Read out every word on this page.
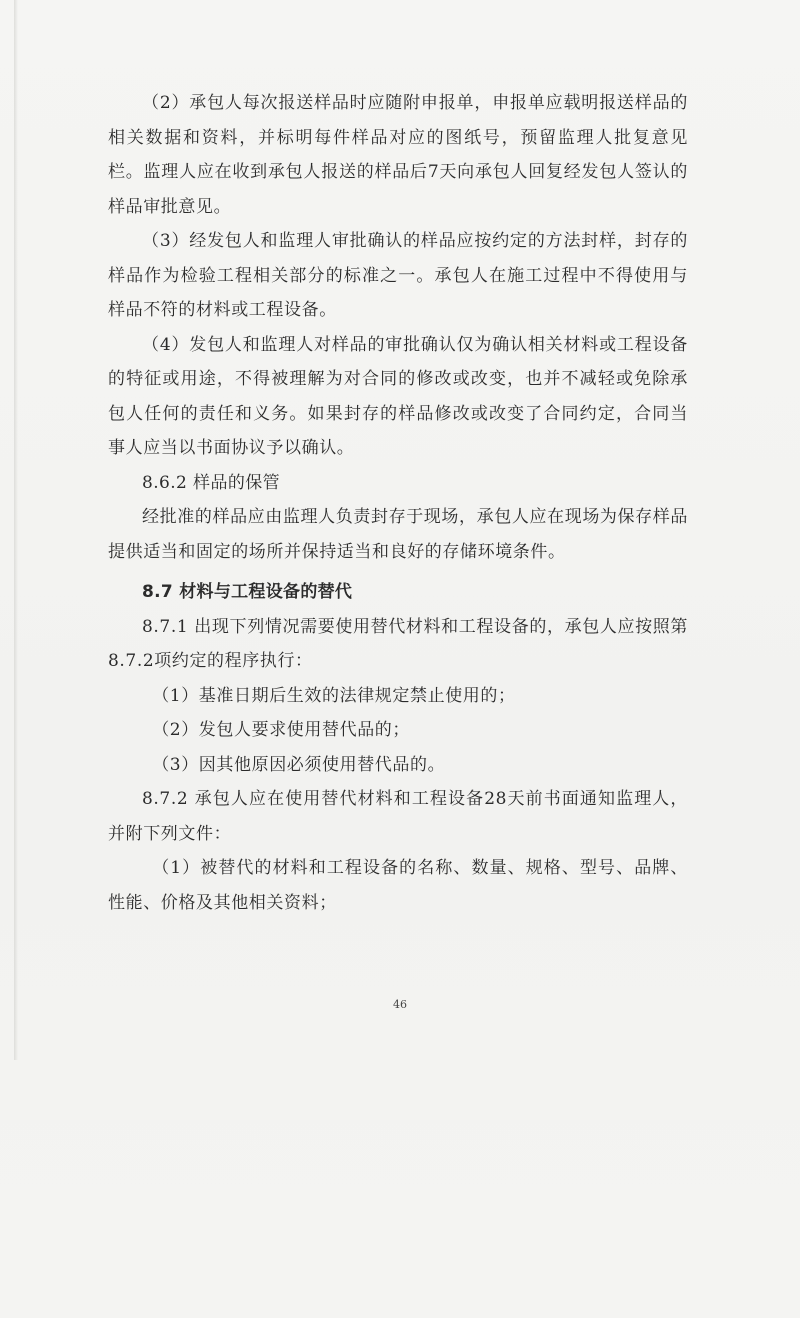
（2）承包人每次报送样品时应随附申报单，申报单应载明报送样品的相关数据和资料，并标明每件样品对应的图纸号，预留监理人批复意见栏。监理人应在收到承包人报送的样品后7天向承包人回复经发包人签认的样品审批意见。

（3）经发包人和监理人审批确认的样品应按约定的方法封样，封存的样品作为检验工程相关部分的标准之一。承包人在施工过程中不得使用与样品不符的材料或工程设备。

（4）发包人和监理人对样品的审批确认仅为确认相关材料或工程设备的特征或用途，不得被理解为对合同的修改或改变，也并不减轻或免除承包人任何的责任和义务。如果封存的样品修改或改变了合同约定，合同当事人应当以书面协议予以确认。

8.6.2 样品的保管

经批准的样品应由监理人负责封存于现场，承包人应在现场为保存样品提供适当和固定的场所并保持适当和良好的存储环境条件。

8.7 材料与工程设备的替代

8.7.1 出现下列情况需要使用替代材料和工程设备的，承包人应按照第8.7.2项约定的程序执行：

（1）基准日期后生效的法律规定禁止使用的；

（2）发包人要求使用替代品的；

（3）因其他原因必须使用替代品的。

8.7.2 承包人应在使用替代材料和工程设备28天前书面通知监理人，并附下列文件：

（1）被替代的材料和工程设备的名称、数量、规格、型号、品牌、性能、价格及其他相关资料；

46
